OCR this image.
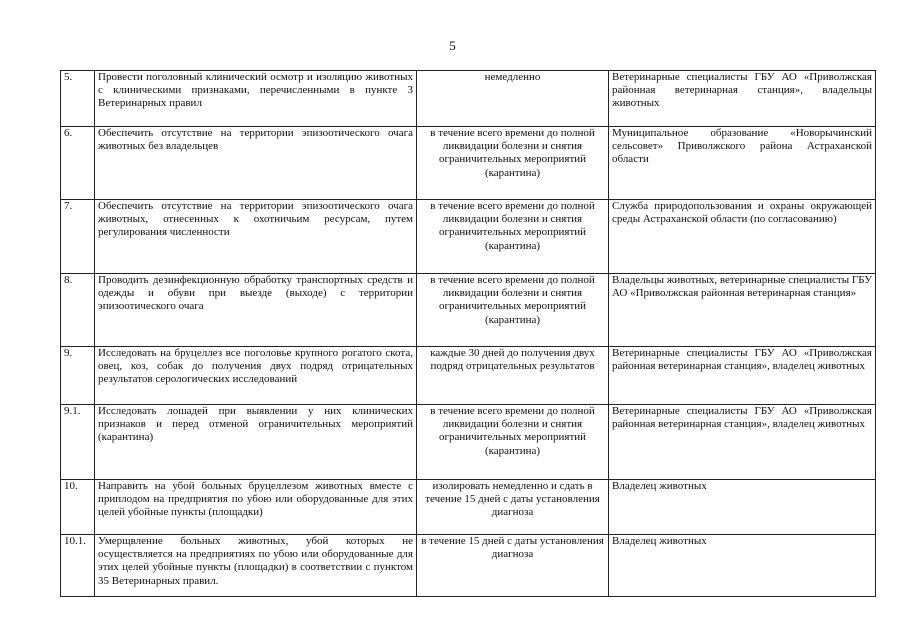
5
5.	Провести поголовный клинический осмотр и изоляцию животных с клиническими признаками, перечисленными в пункте 3 Ветеринарных правил	немедленно	Ветеринарные специалисты ГБУ АО «Приволжская районная ветеринарная станция», владельцы животных
6.	Обеспечить отсутствие на территории эпизоотического очага животных без владельцев	в течение всего времени до полной ликвидации болезни и снятия ограничительных мероприятий (карантина)	Муниципальное образование «Новорычинский сельсовет» Приволжского района Астраханской области
7.	Обеспечить отсутствие на территории эпизоотического очага животных, отнесенных к охотничьим ресурсам, путем регулирования численности	в течение всего времени до полной ликвидации болезни и снятия ограничительных мероприятий (карантина)	Служба природопользования и охраны окружающей среды Астраханской области (по согласованию)
8.	Проводить дезинфекционную обработку транспортных средств и одежды и обуви при выезде (выходе) с территории эпизоотического очага	в течение всего времени до полной ликвидации болезни и снятия ограничительных мероприятий (карантина)	Владельцы животных, ветеринарные специалисты ГБУ АО «Приволжская районная ветеринарная станция»
9.	Исследовать на бруцеллез все поголовье крупного рогатого скота, овец, коз, собак до получения двух подряд отрицательных результатов серологических исследований	каждые 30 дней до получения двух подряд отрицательных результатов	Ветеринарные специалисты ГБУ АО «Приволжская районная ветеринарная станция», владелец животных
9.1.	Исследовать лошадей при выявлении у них клинических признаков и перед отменой ограничительных мероприятий (карантина)	в течение всего времени до полной ликвидации болезни и снятия ограничительных мероприятий (карантина)	Ветеринарные специалисты ГБУ АО «Приволжская районная ветеринарная станция», владелец животных
10.	Направить на убой больных бруцеллезом животных вместе с приплодом на предприятия по убою или оборудованные для этих целей убойные пункты (площадки)	изолировать немедленно и сдать в течение 15 дней с даты установления диагноза	Владелец животных
10.1.	Умерщвление больных животных, убой которых не осуществляется на предприятиях по убою или оборудованные для этих целей убойные пункты (площадки) в соответствии с пунктом 35 Ветеринарных правил.	в течение 15 дней с даты установления диагноза	Владелец животных
